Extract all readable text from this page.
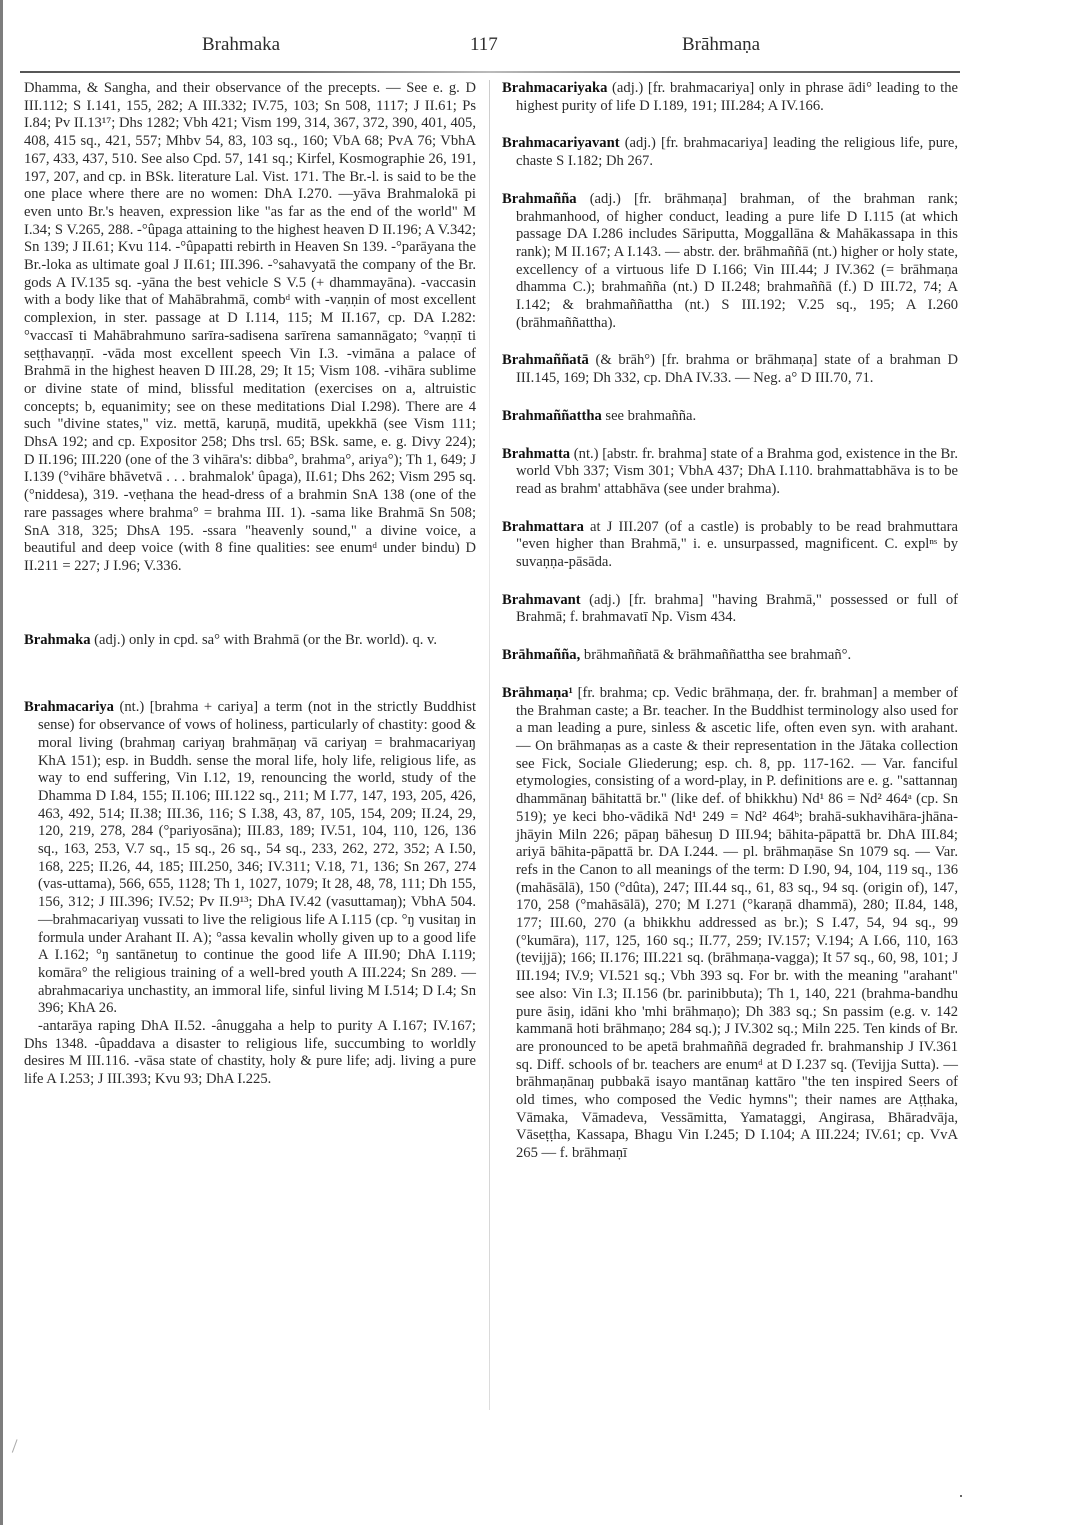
Brahmaka	117	Brāhmaṇa

Dhamma, & Sangha, and their observance of the precepts. — See e. g. D III.112; S I.141, 155, 282; A III.332; IV.75, 103; Sn 508, 1117; J II.61; Ps I.84; Pv II.13¹⁷; Dhs 1282; Vbh 421; Vism 199, 314, 367, 372, 390, 401, 405, 408, 415 sq., 421, 557; Mhbv 54, 83, 103 sq., 160; VbA 68; PvA 76; VbhA 167, 433, 437, 510. See also Cpd. 57, 141 sq.; Kirfel, Kosmographie 26, 191, 197, 207, and cp. in BSk. literature Lal. Vist. 171. The Br.-l. is said to be the one place where there are no women: DhA I.270. —yāva Brahmalokā pi even unto Br.'s heaven, expression like "as far as the end of the world" M I.34; S V.265, 288. -°ûpaga attaining to the highest heaven D II.196; A V.342; Sn 139; J II.61; Kvu 114. -°ûpapatti rebirth in Heaven Sn 139. -°parāyana the Br.-loka as ultimate goal J II.61; III.396. -°sahavyatā the company of the Br. gods A IV.135 sq. -yāna the best vehicle S V.5 (+ dhammayāna). -vaccasin with a body like that of Mahābrahmā, combᵈ with -vaṇṇin of most excellent complexion, in ster. passage at D I.114, 115; M II.167, cp. DA I.282: °vaccasī ti Mahābrahmuno sarīra-sadisena sarīrena samannāgato; °vaṇṇī ti seṭṭhavaṇṇī. -vāda most excellent speech Vin I.3. -vimāna a palace of Brahmā in the highest heaven D III.28, 29; It 15; Vism 108. -vihāra sublime or divine state of mind, blissful meditation (exercises on a, altruistic concepts; b, equanimity; see on these meditations Dial I.298). There are 4 such "divine states," viz. mettā, karuṇā, muditā, upekkhā (see Vism 111; DhsA 192; and cp. Expositor 258; Dhs trsl. 65; BSk. same, e. g. Divy 224); D II.196; III.220 (one of the 3 vihāra's: dibba°, brahma°, ariya°); Th 1, 649; J I.139 (°vihāre bhāvetvā . . . brahmalok' ûpaga), II.61; Dhs 262; Vism 295 sq. (°niddesa), 319. -veṭhana the head-dress of a brahmin SnA 138 (one of the rare passages where brahma° = brahma III. 1). -sama like Brahmā Sn 508; SnA 318, 325; DhsA 195. -ssara "heavenly sound," a divine voice, a beautiful and deep voice (with 8 fine qualities: see enumᵈ under bindu) D II.211 = 227; J I.96; V.336.

Brahmaka (adj.) only in cpd. sa° with Brahmā (or the Br. world). q. v.

Brahmacariya (nt.) [brahma + cariya] a term (not in the strictly Buddhist sense) for observance of vows of holiness, particularly of chastity: good & moral living (brahmaŋ cariyaŋ brahmāṇaŋ vā cariyaŋ = brahmacariyaŋ KhA 151); esp. in Buddh. sense the moral life, holy life, religious life, as way to end suffering, Vin I.12, 19, renouncing the world, study of the Dhamma D I.84, 155; II.106; III.122 sq., 211; M I.77, 147, 193, 205, 426, 463, 492, 514; II.38; III.36, 116; S I.38, 43, 87, 105, 154, 209; II.24, 29, 120, 219, 278, 284 (°pariyosāna); III.83, 189; IV.51, 104, 110, 126, 136 sq., 163, 253, V.7 sq., 15 sq., 26 sq., 54 sq., 233, 262, 272, 352; A I.50, 168, 225; II.26, 44, 185; III.250, 346; IV.311; V.18, 71, 136; Sn 267, 274 (vas-uttama), 566, 655, 1128; Th 1, 1027, 1079; It 28, 48, 78, 111; Dh 155, 156, 312; J III.396; IV.52; Pv II.9¹³; DhA IV.42 (vasuttamaŋ); VbhA 504. —brahmacariyaŋ vussati to live the religious life A I.115 (cp. °ŋ vusitaŋ in formula under Arahant II. A); °assa kevalin wholly given up to a good life A I.162; °ŋ santānetuŋ to continue the good life A III.90; DhA I.119; komāra° the religious training of a well-bred youth A III.224; Sn 289. —abrahmacariya unchastity, an immoral life, sinful living M I.514; D I.4; Sn 396; KhA 26.

-antarāya raping DhA II.52. -ânuggaha a help to purity A I.167; IV.167; Dhs 1348. -ûpaddava a disaster to religious life, succumbing to worldly desires M III.116. -vāsa state of chastity, holy & pure life; adj. living a pure life A I.253; J III.393; Kvu 93; DhA I.225.

Brahmacariyaka (adj.) [fr. brahmacariya] only in phrase ādi° leading to the highest purity of life D I.189, 191; III.284; A IV.166.

Brahmacariyavant (adj.) [fr. brahmacariya] leading the religious life, pure, chaste S I.182; Dh 267.

Brahmañña (adj.) [fr. brāhmaṇa] brahman, of the brahman rank; brahmanhood, of higher conduct, leading a pure life D I.115 (at which passage DA I.286 includes Sāriputta, Moggallāna & Mahākassapa in this rank); M II.167; A I.143. — abstr. der. brāhmaññā (nt.) higher or holy state, excellency of a virtuous life D I.166; Vin III.44; J IV.362 (= brāhmaṇa dhamma C.); brahmañña (nt.) D II.248; brahmaññā (f.) D III.72, 74; A I.142; & brahmaññattha (nt.) S III.192; V.25 sq., 195; A I.260 (brāhmaññattha).

Brahmaññatā (& brāh°) [fr. brahma or brāhmaṇa] state of a brahman D III.145, 169; Dh 332, cp. DhA IV.33. — Neg. a° D III.70, 71.

Brahmaññattha see brahmañña.

Brahmatta (nt.) [abstr. fr. brahma] state of a Brahma god, existence in the Br. world Vbh 337; Vism 301; VbhA 437; DhA I.110. brahmattabhāva is to be read as brahm' attabhāva (see under brahma).

Brahmattara at J III.207 (of a castle) is probably to be read brahmuttara "even higher than Brahmā," i. e. unsurpassed, magnificent. C. explⁿˢ by suvaṇṇa-pāsāda.

Brahmavant (adj.) [fr. brahma] "having Brahmā," possessed or full of Brahmā; f. brahmavatī Np. Vism 434.

Brāhmañña, brāhmaññatā & brāhmaññattha see brahmañ°.

Brāhmaṇa¹ [fr. brahma; cp. Vedic brāhmaṇa, der. fr. brahman] a member of the Brahman caste; a Br. teacher. In the Buddhist terminology also used for a man leading a pure, sinless & ascetic life, often even syn. with arahant. — On brāhmaṇas as a caste & their representation in the Jātaka collection see Fick, Sociale Gliederung; esp. ch. 8, pp. 117-162. — Var. fanciful etymologies, consisting of a word-play, in P. definitions are e. g. "sattannaŋ dhammānaŋ bāhitattā br." (like def. of bhikkhu) Nd¹ 86 = Nd² 464ᵃ (cp. Sn 519); ye keci bho-vādikā Nd¹ 249 = Nd² 464ᵇ; brahā-sukhavihāra-jhāna-jhāyin Miln 226; pāpaŋ bāhesuŋ D III.94; bāhita-pāpattā br. DhA III.84; ariyā bāhita-pāpattā br. DA I.244. — pl. brāhmaṇāse Sn 1079 sq. — Var. refs in the Canon to all meanings of the term: D I.90, 94, 104, 119 sq., 136 (mahāsālā), 150 (°dûta), 247; III.44 sq., 61, 83 sq., 94 sq. (origin of), 147, 170, 258 (°mahāsālā), 270; M I.271 (°karaṇā dhammā), 280; II.84, 148, 177; III.60, 270 (a bhikkhu addressed as br.); S I.47, 54, 94 sq., 99 (°kumāra), 117, 125, 160 sq.; II.77, 259; IV.157; V.194; A I.66, 110, 163 (tevijjā); 166; II.176; III.221 sq. (brāhmaṇa-vagga); It 57 sq., 60, 98, 101; J III.194; IV.9; VI.521 sq.; Vbh 393 sq. For br. with the meaning "arahant" see also: Vin I.3; II.156 (br. parinibbuta); Th 1, 140, 221 (brahma-bandhu pure āsiŋ, idāni kho 'mhi brāhmaṇo); Dh 383 sq.; Sn passim (e.g. v. 142 kammanā hoti brāhmaṇo; 284 sq.); J IV.302 sq.; Miln 225. Ten kinds of Br. are pronounced to be apetā brahmaññā degraded fr. brahmanship J IV.361 sq. Diff. schools of br. teachers are enumᵈ at D I.237 sq. (Tevijja Sutta). —brāhmaṇānaŋ pubbakā isayo mantānaŋ kattāro "the ten inspired Seers of old times, who composed the Vedic hymns"; their names are Aṭṭhaka, Vāmaka, Vāmadeva, Vessāmitta, Yamataggi, Angirasa, Bhāradvāja, Vāseṭṭha, Kassapa, Bhagu Vin I.245; D I.104; A III.224; IV.61; cp. VvA 265 — f. brāhmaṇī
